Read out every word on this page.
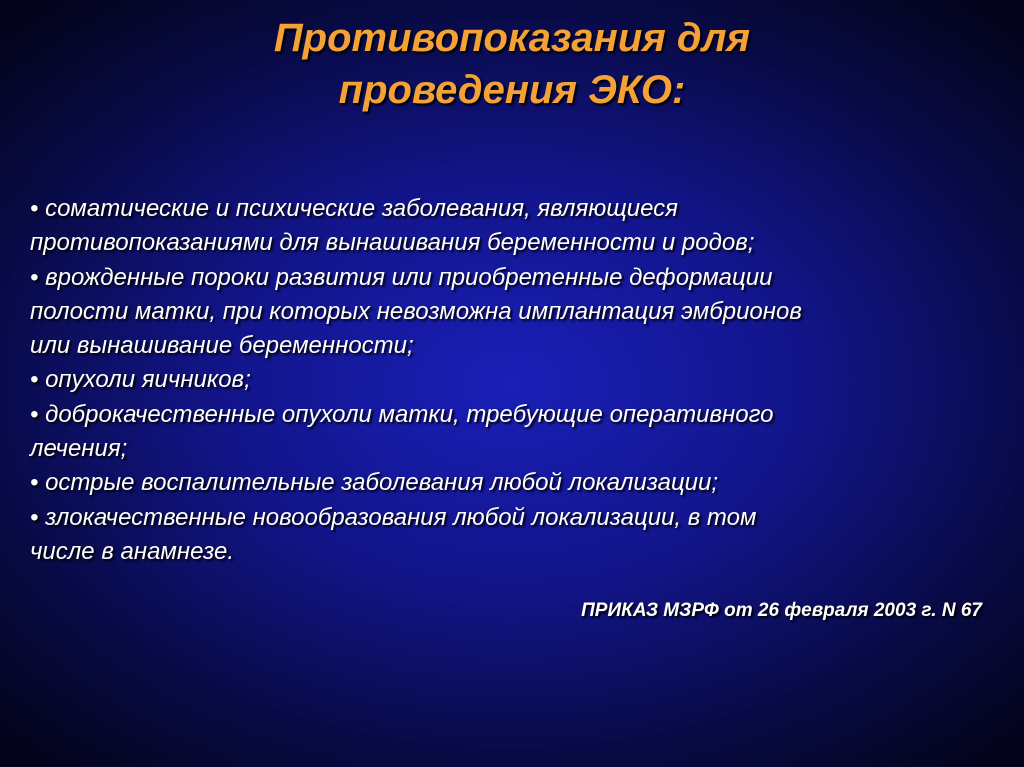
Противопоказания для
проведения ЭКО:
• соматические и психические заболевания, являющиеся
противопоказаниями для вынашивания беременности и родов;
• врожденные пороки развития или приобретенные деформации
полости матки, при которых невозможна имплантация эмбрионов
или вынашивание беременности;
• опухоли яичников;
• доброкачественные опухоли матки, требующие оперативного
лечения;
• острые воспалительные заболевания любой локализации;
• злокачественные новообразования любой локализации, в том
числе в анамнезе.
ПРИКАЗ МЗРФ от 26 февраля 2003 г. N 67
